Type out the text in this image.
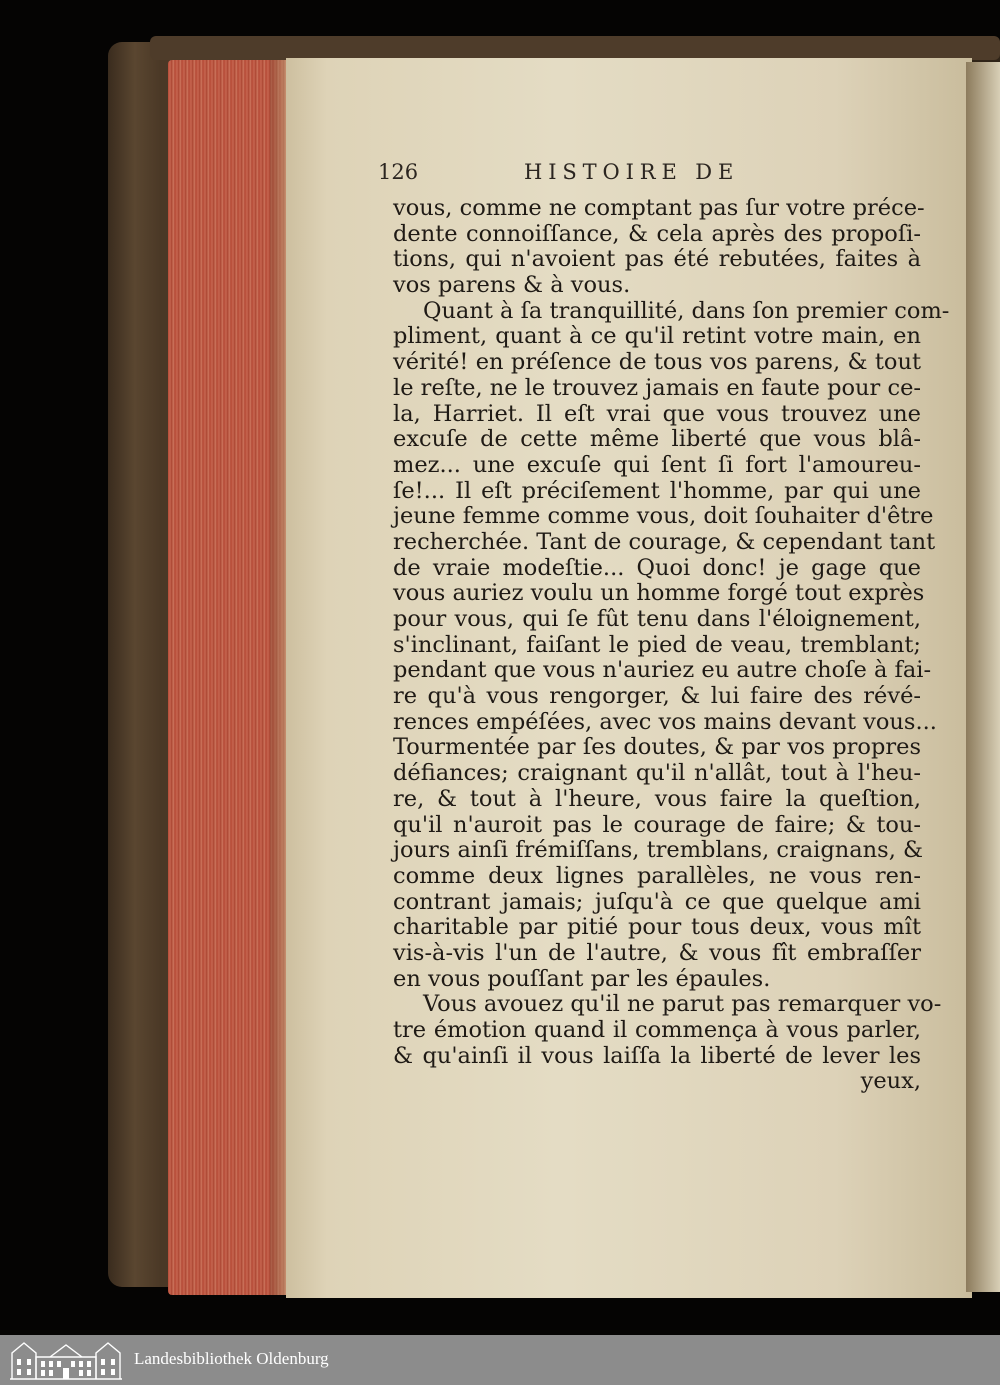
126	HISTOIRE DE
vous, comme ne comptant pas ſur votre préce-
dente connoiſſance, & cela après des propoſi-
tions, qui n'avoient pas été rebutées, faites à
vos parens & à vous.
Quant à ſa tranquillité, dans ſon premier com-
pliment, quant à ce qu'il retint votre main, en
vérité! en préſence de tous vos parens, & tout
le reſte, ne le trouvez jamais en faute pour ce-
la, Harriet. Il eſt vrai que vous trouvez une
excuſe de cette même liberté que vous blâ-
mez... une excuſe qui ſent ſi fort l'amoureu-
ſe!... Il eſt préciſement l'homme, par qui une
jeune femme comme vous, doit ſouhaiter d'être
recherchée. Tant de courage, & cependant tant
de vraie modeſtie... Quoi donc! je gage que
vous auriez voulu un homme forgé tout exprès
pour vous, qui ſe fût tenu dans l'éloignement,
s'inclinant, faiſant le pied de veau, tremblant;
pendant que vous n'auriez eu autre choſe à fai-
re qu'à vous rengorger, & lui faire des révé-
rences empéſées, avec vos mains devant vous...
Tourmentée par ſes doutes, & par vos propres
défiances; craignant qu'il n'allât, tout à l'heu-
re, & tout à l'heure, vous faire la queſtion,
qu'il n'auroit pas le courage de faire; & tou-
jours ainſi frémiſſans, tremblans, craignans, &
comme deux lignes parallèles, ne vous ren-
contrant jamais; juſqu'à ce que quelque ami
charitable par pitié pour tous deux, vous mît
vis-à-vis l'un de l'autre, & vous fît embraſſer
en vous pouſſant par les épaules.
Vous avouez qu'il ne parut pas remarquer vo-
tre émotion quand il commença à vous parler,
& qu'ainſi il vous laiſſa la liberté de lever les
yeux,
Landesbibliothek Oldenburg
